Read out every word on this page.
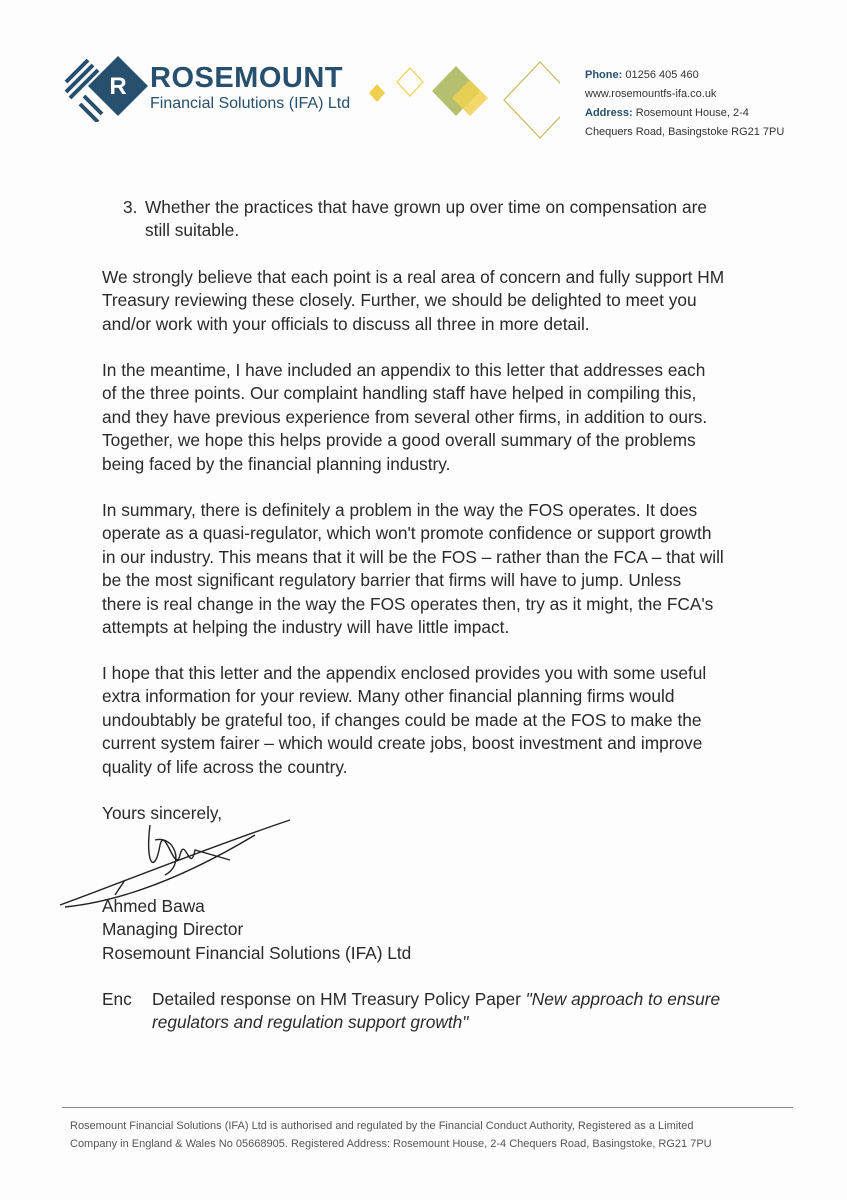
R ROSEMOUNT
Financial Solutions (IFA) Ltd
Phone: 01256 405 460
www.rosemountfs-ifa.co.uk
Address: Rosemount House, 2-4
Chequers Road, Basingstoke RG21 7PU
3. Whether the practices that have grown up over time on compensation are
still suitable.
We strongly believe that each point is a real area of concern and fully support HM
Treasury reviewing these closely. Further, we should be delighted to meet you
and/or work with your officials to discuss all three in more detail.
In the meantime, I have included an appendix to this letter that addresses each
of the three points. Our complaint handling staff have helped in compiling this,
and they have previous experience from several other firms, in addition to ours.
Together, we hope this helps provide a good overall summary of the problems
being faced by the financial planning industry.
In summary, there is definitely a problem in the way the FOS operates. It does
operate as a quasi-regulator, which won't promote confidence or support growth
in our industry. This means that it will be the FOS – rather than the FCA – that will
be the most significant regulatory barrier that firms will have to jump. Unless
there is real change in the way the FOS operates then, try as it might, the FCA's
attempts at helping the industry will have little impact.
I hope that this letter and the appendix enclosed provides you with some useful
extra information for your review. Many other financial planning firms would
undoubtably be grateful too, if changes could be made at the FOS to make the
current system fairer – which would create jobs, boost investment and improve
quality of life across the country.
Yours sincerely,
Ahmed Bawa
Managing Director
Rosemount Financial Solutions (IFA) Ltd
Enc Detailed response on HM Treasury Policy Paper "New approach to ensure
regulators and regulation support growth"
Rosemount Financial Solutions (IFA) Ltd is authorised and regulated by the Financial Conduct Authority, Registered as a Limited
Company in England & Wales No 05668905. Registered Address: Rosemount House, 2-4 Chequers Road, Basingstoke, RG21 7PU
